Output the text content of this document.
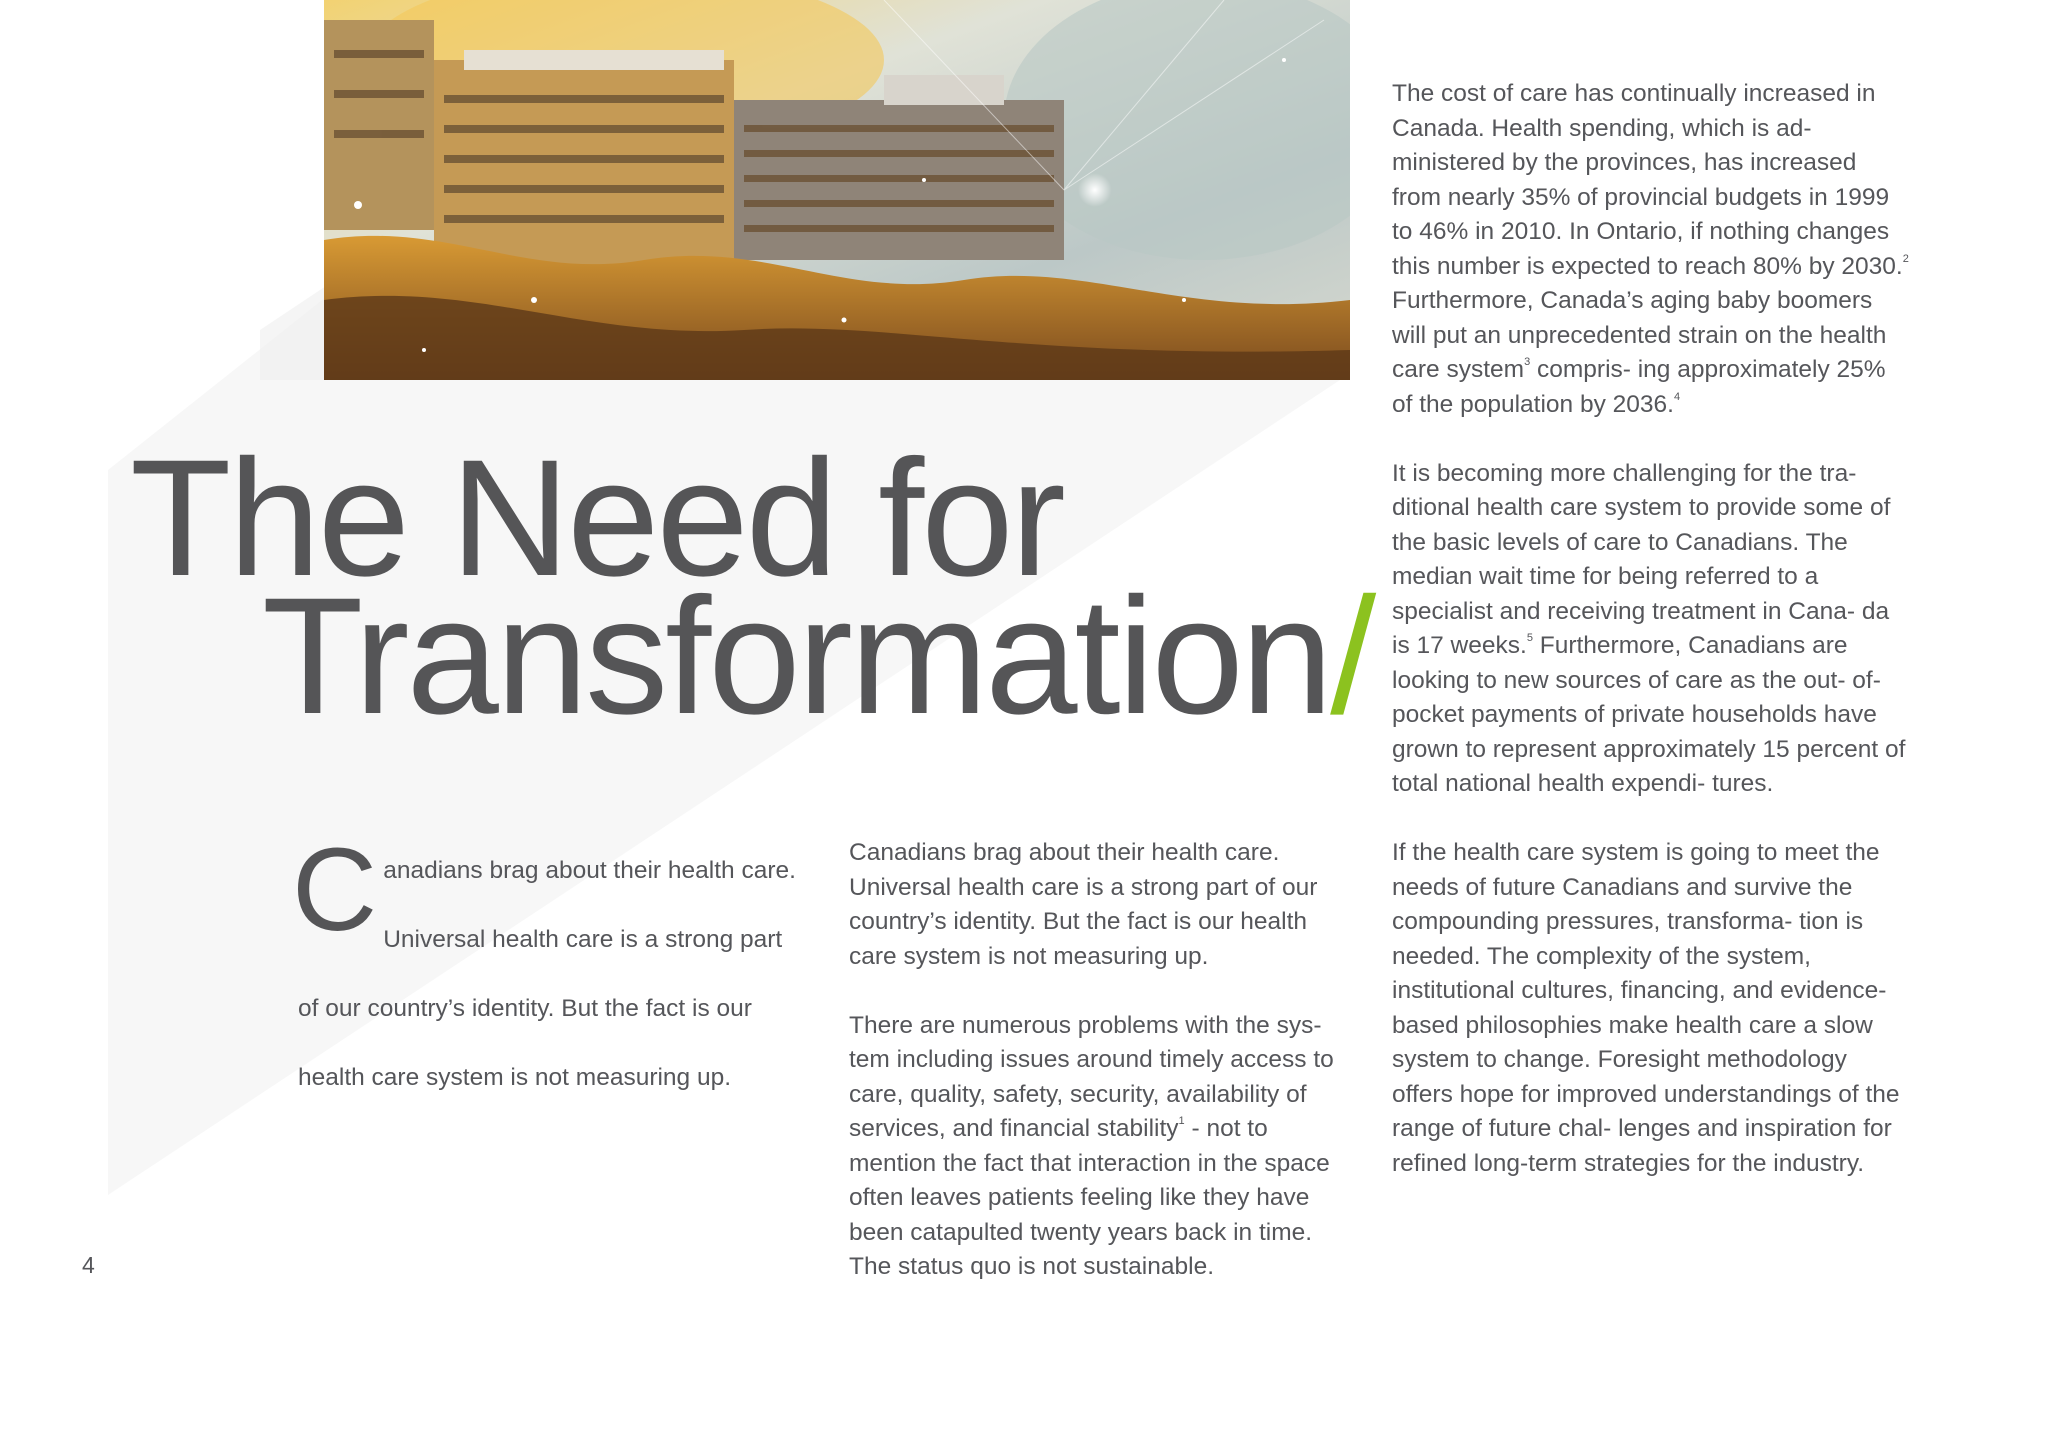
The Need for
Transformation/
C anadians brag about their health care. Universal health care is a strong part of our country’s identity. But the fact is our health care system is not measuring up.

Canadians brag about their health care. Universal health care is a strong part of our country’s identity. But the fact is our health care system is not measuring up.

There are numerous problems with the sys- tem including issues around timely access to care, quality, safety, security, availability of services, and financial stability$^1$ - not to mention the fact that interaction in the space often leaves patients feeling like they have been catapulted twenty years back in time. The status quo is not sustainable.

The cost of care has continually increased in Canada. Health spending, which is ad- ministered by the provinces, has increased from nearly 35% of provincial budgets in 1999 to 46% in 2010. In Ontario, if nothing changes this number is expected to reach 80% by 2030.$^2$ Furthermore, Canada’s aging baby boomers will put an unprecedented strain on the health care system$^3$ compris- ing approximately 25% of the population by 2036.$^4$

It is becoming more challenging for the tra- ditional health care system to provide some of the basic levels of care to Canadians. The median wait time for being referred to a specialist and receiving treatment in Cana- da is 17 weeks.$^5$ Furthermore, Canadians are looking to new sources of care as the out- of-pocket payments of private households have grown to represent approximately 15 percent of total national health expendi- tures.

If the health care system is going to meet the needs of future Canadians and survive the compounding pressures, transforma- tion is needed. The complexity of the system, institutional cultures, financing, and evidence-based philosophies make health care a slow system to change. Foresight methodology offers hope for improved understandings of the range of future chal- lenges and inspiration for refined long-term strategies for the industry.

4
